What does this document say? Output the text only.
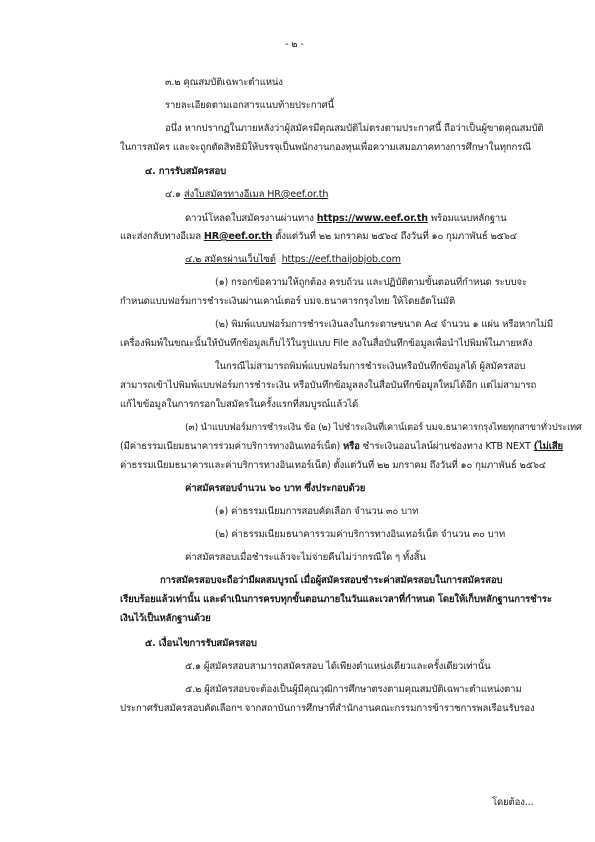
- ๒ -
๓.๒ คุณสมบัติเฉพาะตำแหน่ง
รายละเอียดตามเอกสารแนบท้ายประกาศนี้
อนึ่ง หากปรากฏในภายหลังว่าผู้สมัครมีคุณสมบัติไม่ตรงตามประกาศนี้ ถือว่าเป็นผู้ขาดคุณสมบัติ
ในการสมัคร และจะถูกตัดสิทธิมิให้บรรจุเป็นพนักงานกองทุนเพื่อความเสมอภาคทางการศึกษาในทุกกรณี
๔. การรับสมัครสอบ
๔.๑ ส่งใบสมัครทางอีเมล HR@eef.or.th
ดาวน์โหลดใบสมัครงานผ่านทาง https://www.eef.or.th พร้อมแนบหลักฐาน
และส่งกลับทางอีเมล HR@eef.or.th ตั้งแต่วันที่ ๒๒ มกราคม ๒๕๖๔ ถึงวันที่ ๑๐ กุมภาพันธ์ ๒๕๖๔
๔.๒ สมัครผ่านเว็บไซต์ https://eef.thaijobjob.com
(๑) กรอกข้อความให้ถูกต้อง ครบถ้วน และปฏิบัติตามขั้นตอนที่กำหนด ระบบจะ
กำหนดแบบฟอร์มการชำระเงินผ่านเคาน์เตอร์ บมจ.ธนาคารกรุงไทย ให้โดยอัตโนมัติ
(๒) พิมพ์แบบฟอร์มการชำระเงินลงในกระดาษขนาด A๔ จำนวน ๑ แผ่น หรือหากไม่มี
เครื่องพิมพ์ในขณะนั้นให้บันทึกข้อมูลเก็บไว้ในรูปแบบ File ลงในสื่อบันทึกข้อมูลเพื่อนำไปพิมพ์ในภายหลัง
ในกรณีไม่สามารถพิมพ์แบบฟอร์มการชำระเงินหรือบันทึกข้อมูลได้ ผู้สมัครสอบ
สามารถเข้าไปพิมพ์แบบฟอร์มการชำระเงิน หรือบันทึกข้อมูลลงในสื่อบันทึกข้อมูลใหม่ได้อีก แต่ไม่สามารถ
แก้ไขข้อมูลในการกรอกใบสมัครในครั้งแรกที่สมบูรณ์แล้วได้
(๓) นำแบบฟอร์มการชำระเงิน ข้อ (๒) ไปชำระเงินที่เคาน์เตอร์ บมจ.ธนาคารกรุงไทยทุกสาขาทั่วประเทศ
(มีค่าธรรมเนียมธนาคารรวมค่าบริการทางอินเทอร์เน็ต) หรือ ชำระเงินออนไลน์ผ่านช่องทาง KTB NEXT (ไม่เสีย
ค่าธรรมเนียมธนาคารและค่าบริการทางอินเทอร์เน็ต) ตั้งแต่วันที่ ๒๒ มกราคม ถึงวันที่ ๑๐ กุมภาพันธ์ ๒๕๖๔
ค่าสมัครสอบจำนวน ๖๐ บาท ซึ่งประกอบด้วย
(๑) ค่าธรรมเนียมการสอบคัดเลือก จำนวน ๓๐ บาท
(๒) ค่าธรรมเนียมธนาคารรวมค่าบริการทางอินเทอร์เน็ต จำนวน ๓๐ บาท
ค่าสมัครสอบเมื่อชำระแล้วจะไม่จ่ายคืนไม่ว่ากรณีใด ๆ ทั้งสิ้น
การสมัครสอบจะถือว่ามีผลสมบูรณ์ เมื่อผู้สมัครสอบชำระค่าสมัครสอบในการสมัครสอบ
เรียบร้อยแล้วเท่านั้น และดำเนินการครบทุกขั้นตอนภายในวันและเวลาที่กำหนด โดยให้เก็บหลักฐานการชำระ
เงินไว้เป็นหลักฐานด้วย
๕. เงื่อนไขการรับสมัครสอบ
๕.๑ ผู้สมัครสอบสามารถสมัครสอบ ได้เพียงตำแหน่งเดียวและครั้งเดียวเท่านั้น
๕.๒ ผู้สมัครสอบจะต้องเป็นผู้มีคุณวุฒิการศึกษาตรงตามคุณสมบัติเฉพาะตำแหน่งตาม
ประกาศรับสมัครสอบคัดเลือกฯ จากสถาบันการศึกษาที่สำนักงานคณะกรรมการข้าราชการพลเรือนรับรอง
โดยต้อง...
